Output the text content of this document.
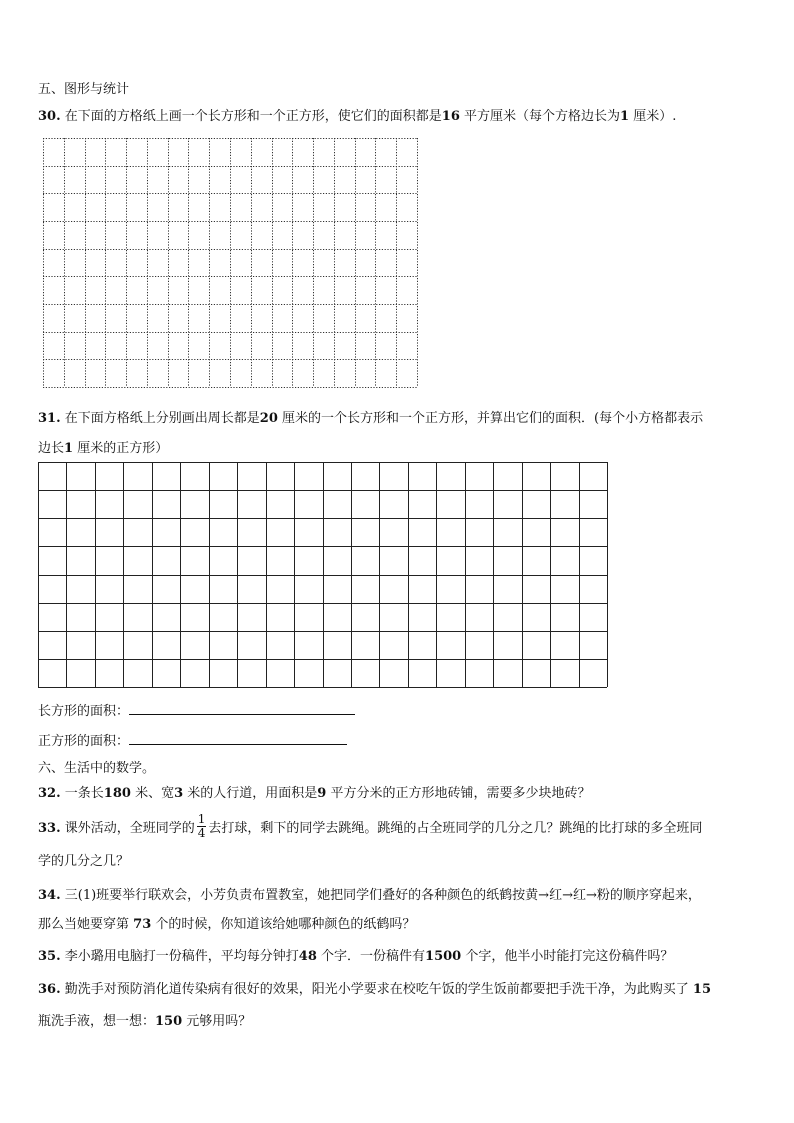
五、图形与统计
30. 在下面的方格纸上画一个长方形和一个正方形，使它们的面积都是16 平方厘米（每个方格边长为1 厘米）.
31. 在下面方格纸上分别画出周长都是20 厘米的一个长方形和一个正方形，并算出它们的面积．(每个小方格都表示
边长1 厘米的正方形）
长方形的面积：
正方形的面积：
六、生活中的数学。
32. 一条长180 米、宽3 米的人行道，用面积是9 平方分米的正方形地砖铺，需要多少块地砖？
33. 课外活动，全班同学的 $\frac{1}{4}$ 去打球，剩下的同学去跳绳。跳绳的占全班同学的几分之几？跳绳的比打球的多全班同
学的几分之几？
34. 三(1)班要举行联欢会，小芳负责布置教室，她把同学们叠好的各种颜色的纸鹤按黄→红→红→粉的顺序穿起来，
那么当她要穿第 73 个的时候，你知道该给她哪种颜色的纸鹤吗？
35. 李小璐用电脑打一份稿件，平均每分钟打48 个字．一份稿件有1500 个字，他半小时能打完这份稿件吗？
36. 勤洗手对预防消化道传染病有很好的效果，阳光小学要求在校吃午饭的学生饭前都要把手洗干净，为此购买了 15
瓶洗手液，想一想：150 元够用吗？
